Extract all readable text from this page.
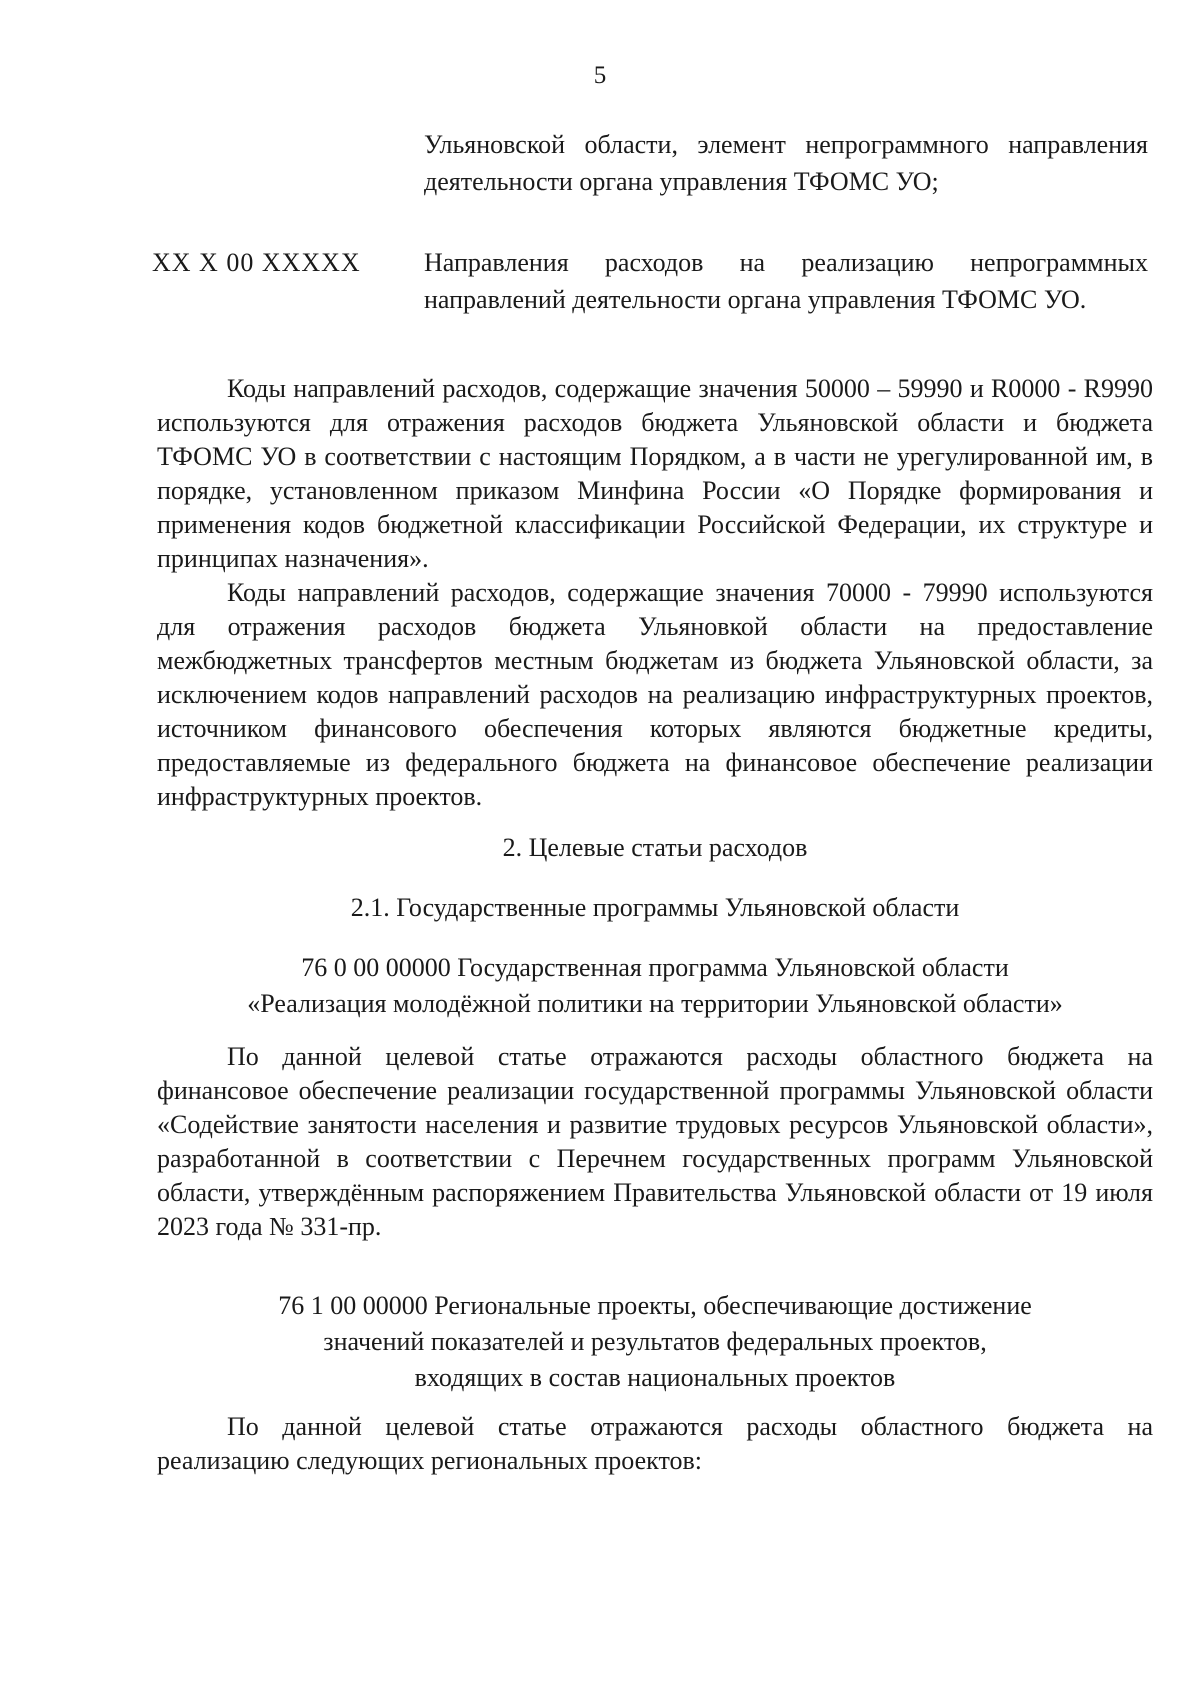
5
Ульяновской области, элемент непрограммного направления деятельности органа управления ТФОМС УО;
XX X 00 XXXXX Направления расходов на реализацию непрограммных направлений деятельности органа управления ТФОМС УО.

Коды направлений расходов, содержащие значения 50000 – 59990 и R0000 - R9990 используются для отражения расходов бюджета Ульяновской области и бюджета ТФОМС УО в соответствии с настоящим Порядком, а в части не урегулированной им, в порядке, установленном приказом Минфина России «О Порядке формирования и применения кодов бюджетной классификации Российской Федерации, их структуре и принципах назначения».

Коды направлений расходов, содержащие значения 70000 - 79990 используются для отражения расходов бюджета Ульяновкой области на предоставление межбюджетных трансфертов местным бюджетам из бюджета Ульяновской области, за исключением кодов направлений расходов на реализацию инфраструктурных проектов, источником финансового обеспечения которых являются бюджетные кредиты, предоставляемые из федерального бюджета на финансовое обеспечение реализации инфраструктурных проектов.

2. Целевые статьи расходов
2.1. Государственные программы Ульяновской области
76 0 00 00000 Государственная программа Ульяновской области
«Реализация молодёжной политики на территории Ульяновской области»

По данной целевой статье отражаются расходы областного бюджета на финансовое обеспечение реализации государственной программы Ульяновской области «Содействие занятости населения и развитие трудовых ресурсов Ульяновской области», разработанной в соответствии с Перечнем государственных программ Ульяновской области, утверждённым распоряжением Правительства Ульяновской области от 19 июля 2023 года № 331-пр.

76 1 00 00000 Региональные проекты, обеспечивающие достижение
значений показателей и результатов федеральных проектов,
входящих в состав национальных проектов

По данной целевой статье отражаются расходы областного бюджета на реализацию следующих региональных проектов:
